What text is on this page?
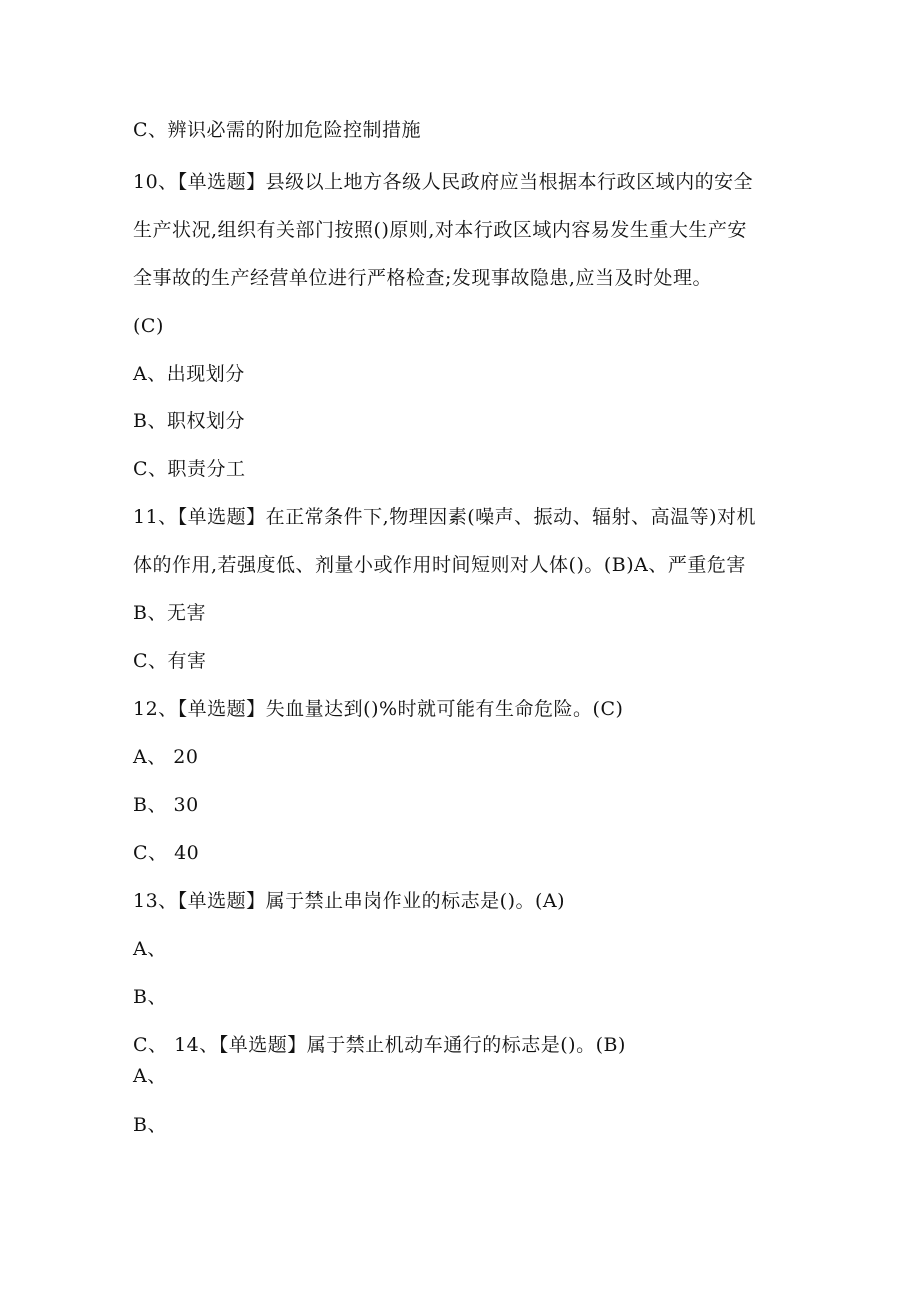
C、辨识必需的附加危险控制措施
10、【单选题】县级以上地方各级人民政府应当根据本行政区域内的安全
生产状况,组织有关部门按照()原则,对本行政区域内容易发生重大生产安
全事故的生产经营单位进行严格检查;发现事故隐患,应当及时处理。
(C)
A、出现划分
B、职权划分
C、职责分工
11、【单选题】在正常条件下,物理因素(噪声、振动、辐射、高温等)对机
体的作用,若强度低、剂量小或作用时间短则对人体()。(B)A、严重危害
B、无害
C、有害
12、【单选题】失血量达到()%时就可能有生命危险。(C)
A、 20
B、 30
C、 40
13、【单选题】属于禁止串岗作业的标志是()。(A)
A、
B、
C、 14、【单选题】属于禁止机动车通行的标志是()。(B)
A、
B、
